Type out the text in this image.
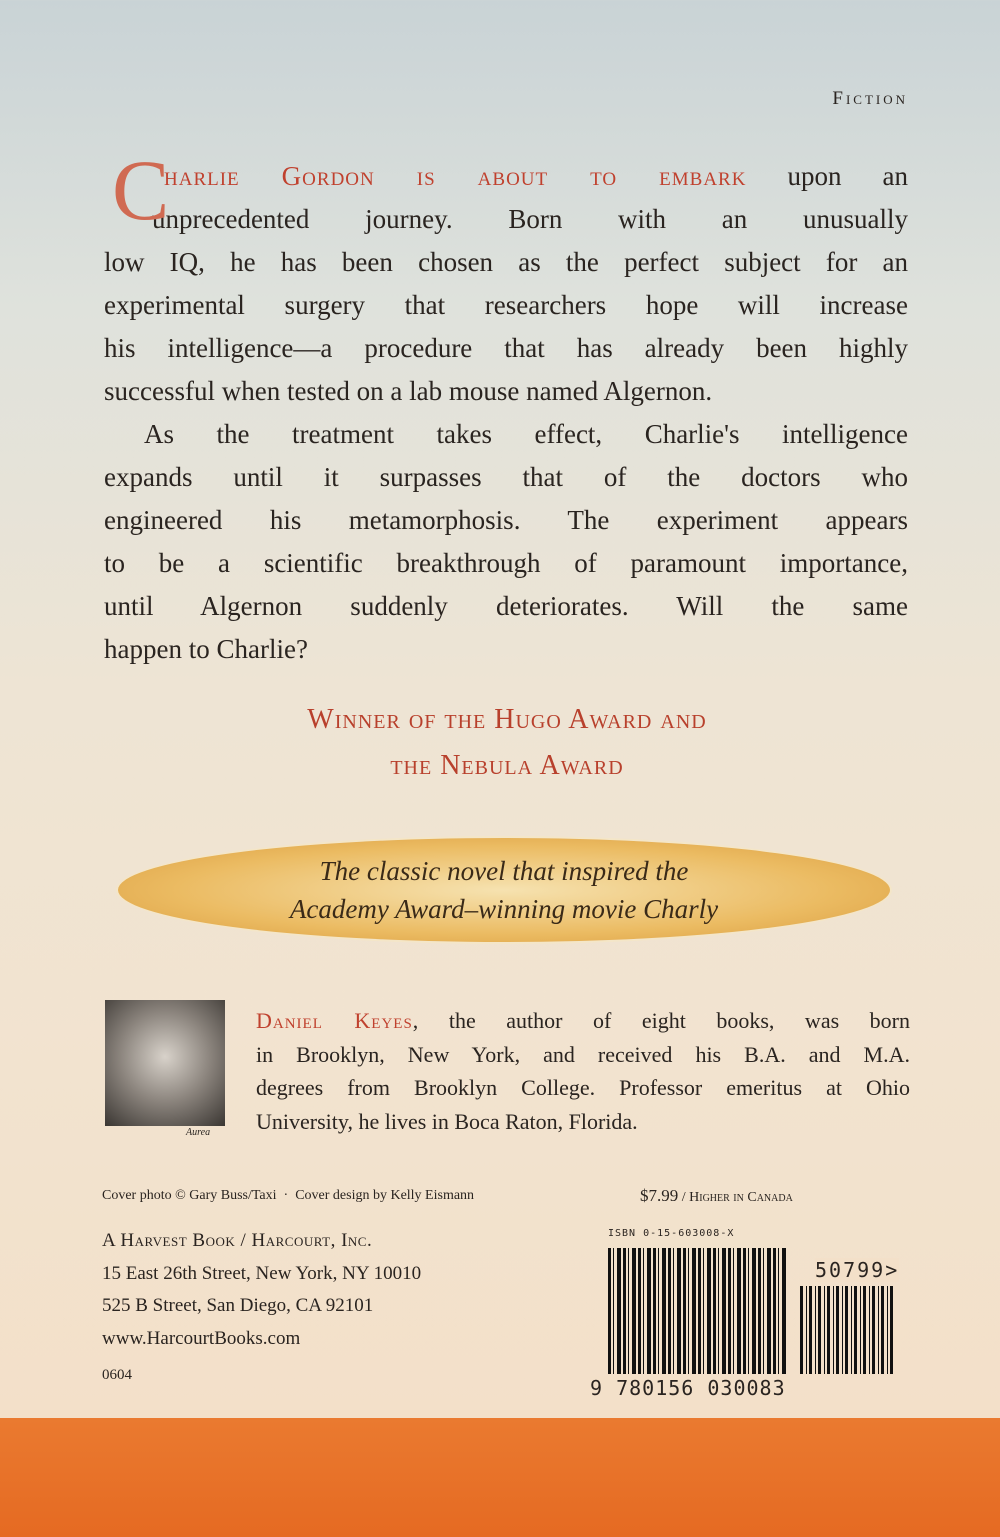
Fiction
C
harlie Gordon is about to embark upon an
unprecedented journey. Born with an unusually
low IQ, he has been chosen as the perfect subject for an
experimental surgery that researchers hope will increase
his intelligence—a procedure that has already been highly
successful when tested on a lab mouse named Algernon.
As the treatment takes effect, Charlie's intelligence
expands until it surpasses that of the doctors who
engineered his metamorphosis. The experiment appears
to be a scientific breakthrough of paramount importance,
until Algernon suddenly deteriorates. Will the same
happen to Charlie?
Winner of the Hugo Award and
the Nebula Award
The classic novel that inspired the
Academy Award–winning movie Charly
Aurea
Daniel Keyes, the author of eight books, was born
in Brooklyn, New York, and received his B.A. and M.A.
degrees from Brooklyn College. Professor emeritus at Ohio
University, he lives in Boca Raton, Florida.
Cover photo © Gary Buss/Taxi  ·  Cover design by Kelly Eismann	$7.99 / Higher in Canada
A Harvest Book / Harcourt, Inc.
15 East 26th Street, New York, NY 10010
525 B Street, San Diego, CA 92101
www.HarcourtBooks.com
0604
ISBN 0-15-603008-X
9 780156 030083
50799>
